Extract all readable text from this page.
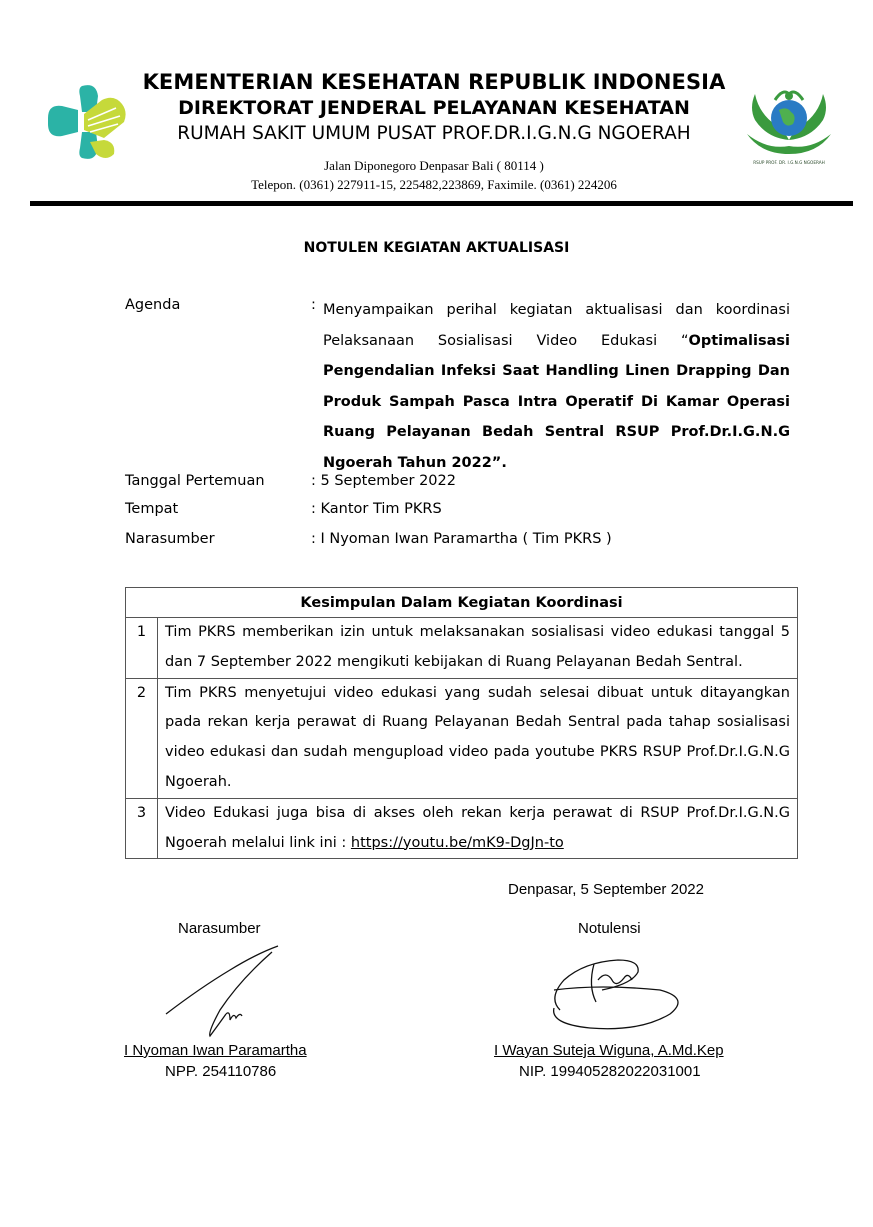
KEMENTERIAN KESEHATAN REPUBLIK INDONESIA
DIREKTORAT JENDERAL PELAYANAN KESEHATAN
RUMAH SAKIT UMUM PUSAT PROF.DR.I.G.N.G NGOERAH
RSUP PROF. DR. I.G.N.G NGOERAH
Jalan Diponegoro Denpasar Bali ( 80114 )
Telepon. (0361) 227911-15, 225482,223869, Faximile. (0361) 224206
NOTULEN KEGIATAN AKTUALISASI
Agenda	: Menyampaikan perihal kegiatan aktualisasi dan koordinasi Pelaksanaan Sosialisasi Video Edukasi “Optimalisasi Pengendalian Infeksi Saat Handling Linen Drapping Dan Produk Sampah Pasca Intra Operatif Di Kamar Operasi Ruang Pelayanan Bedah Sentral RSUP Prof.Dr.I.G.N.G Ngoerah Tahun 2022”.
Tanggal Pertemuan	: 5 September 2022
Tempat	: Kantor Tim PKRS
Narasumber	: I Nyoman Iwan Paramartha ( Tim PKRS )
Kesimpulan Dalam Kegiatan Koordinasi	
1	Tim PKRS memberikan izin untuk melaksanakan sosialisasi video edukasi tanggal 5 dan 7 September 2022 mengikuti kebijakan di Ruang Pelayanan Bedah Sentral.
2	Tim PKRS menyetujui video edukasi yang sudah selesai dibuat untuk ditayangkan pada rekan kerja perawat di Ruang Pelayanan Bedah Sentral pada tahap sosialisasi video edukasi dan sudah mengupload video pada youtube PKRS RSUP Prof.Dr.I.G.N.G Ngoerah.
3	Video Edukasi juga bisa di akses oleh rekan kerja perawat di RSUP Prof.Dr.I.G.N.G Ngoerah melalui link ini : https://youtu.be/mK9-DgJn-to
Denpasar, 5 September 2022
Narasumber	Notulensi
I Nyoman Iwan Paramartha
NPP. 254110786
I Wayan Suteja Wiguna, A.Md.Kep
NIP. 199405282022031001
